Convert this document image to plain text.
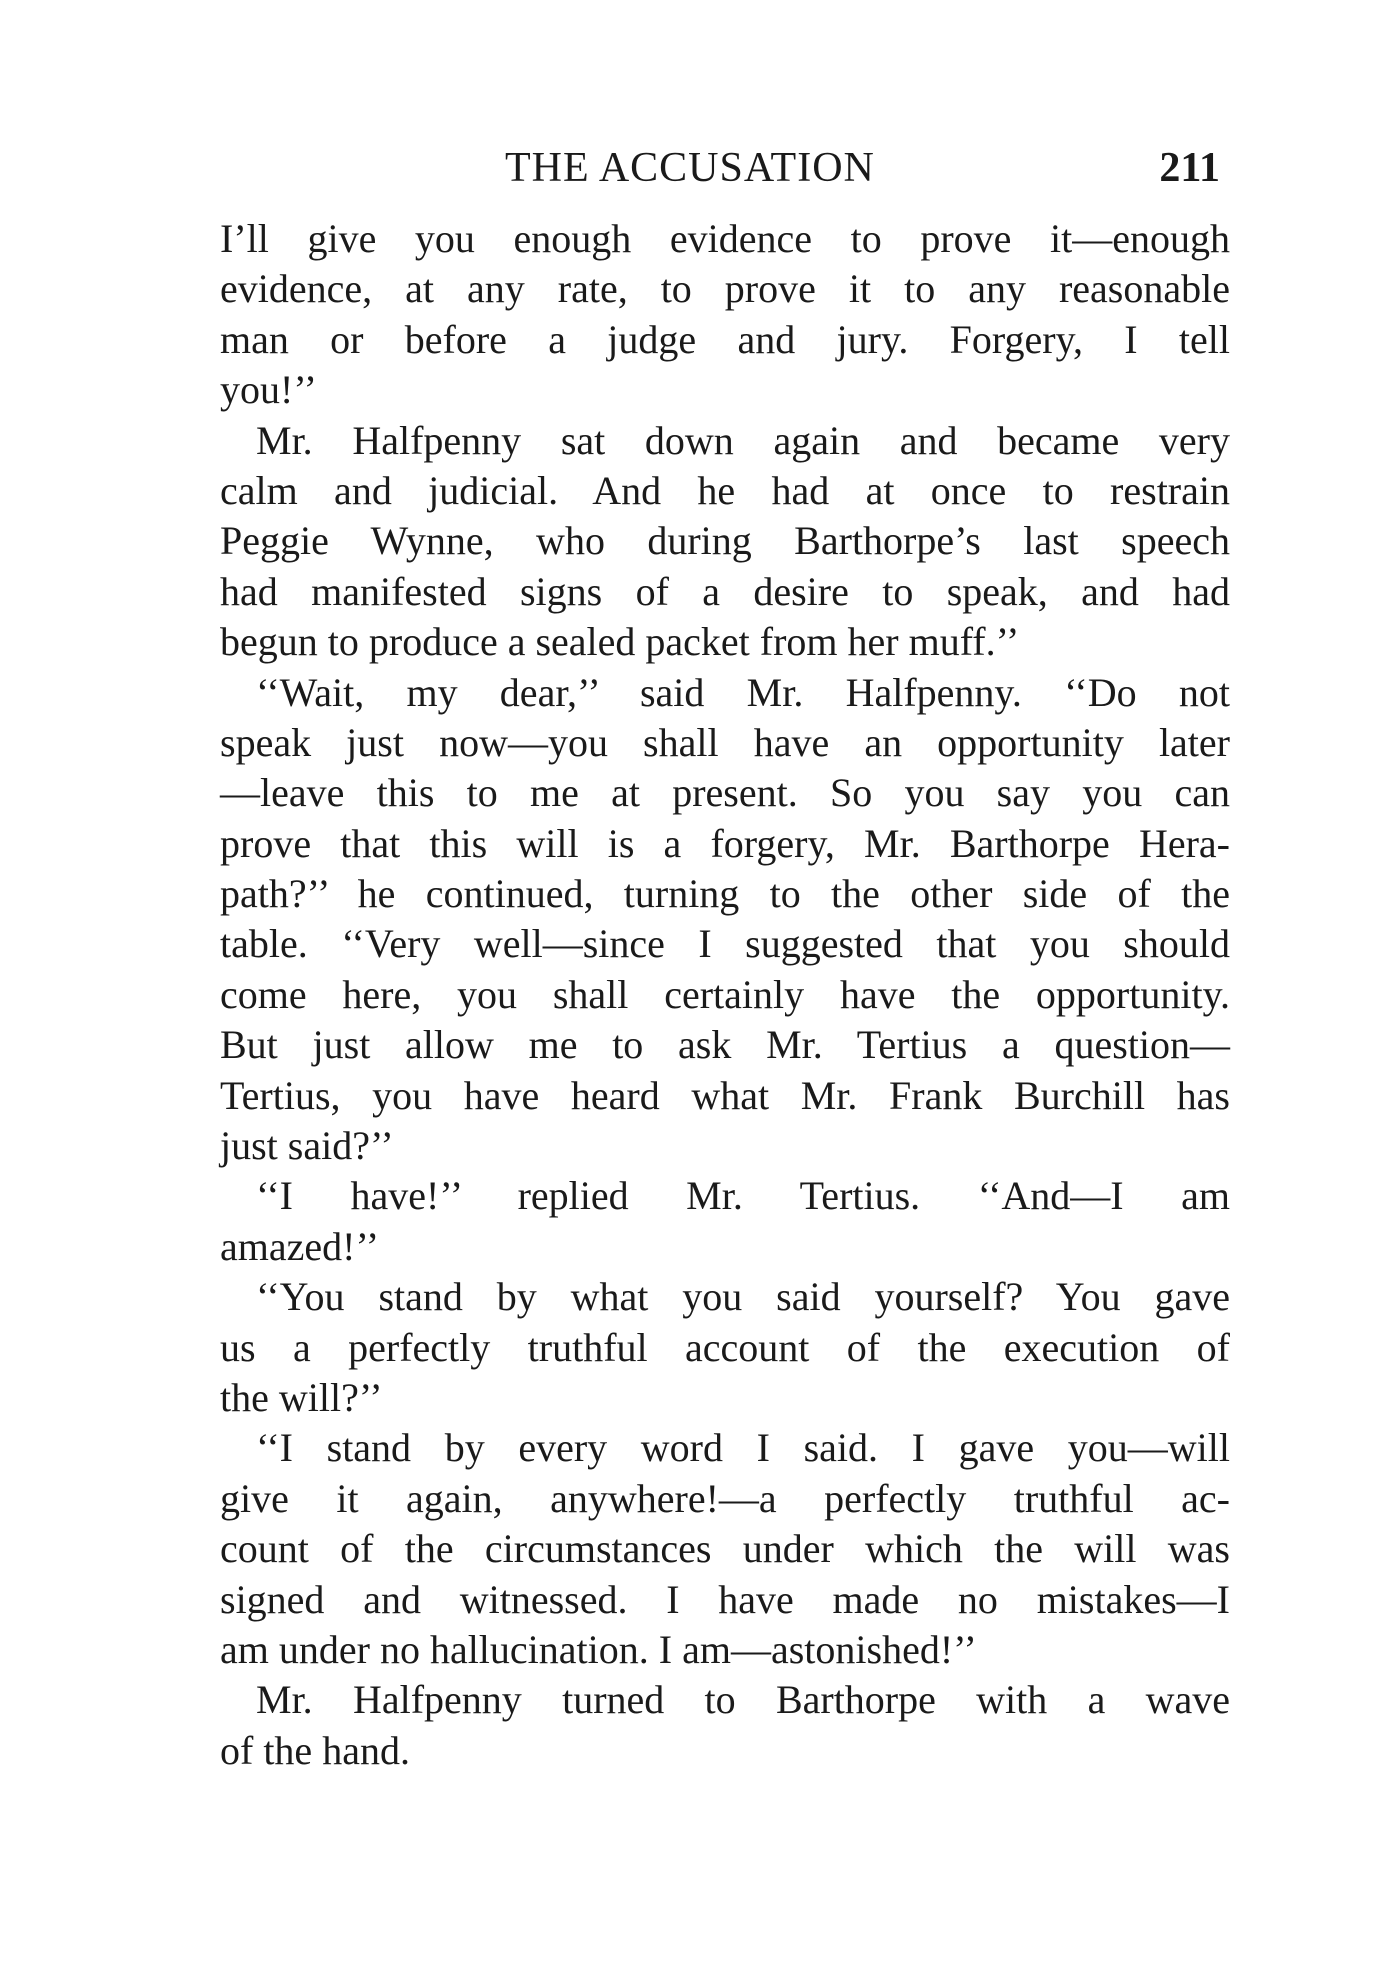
THE ACCUSATION	211
I’ll give you enough evidence to prove it—enough
evidence, at any rate, to prove it to any reasonable
man or before a judge and jury. Forgery, I tell
you!’’
Mr. Halfpenny sat down again and became very
calm and judicial. And he had at once to restrain
Peggie Wynne, who during Barthorpe’s last speech
had manifested signs of a desire to speak, and had
begun to produce a sealed packet from her muff.’’
‘‘Wait, my dear,’’ said Mr. Halfpenny. ‘‘Do not
speak just now—you shall have an opportunity later
—leave this to me at present. So you say you can
prove that this will is a forgery, Mr. Barthorpe Hera-
path?’’ he continued, turning to the other side of the
table. ‘‘Very well—since I suggested that you should
come here, you shall certainly have the opportunity.
But just allow me to ask Mr. Tertius a question—
Tertius, you have heard what Mr. Frank Burchill has
just said?’’
‘‘I have!’’ replied Mr. Tertius. ‘‘And—I am
amazed!’’
‘‘You stand by what you said yourself? You gave
us a perfectly truthful account of the execution of
the will?’’
‘‘I stand by every word I said. I gave you—will
give it again, anywhere!—a perfectly truthful ac-
count of the circumstances under which the will was
signed and witnessed. I have made no mistakes—I
am under no hallucination. I am—astonished!’’
Mr. Halfpenny turned to Barthorpe with a wave
of the hand.
